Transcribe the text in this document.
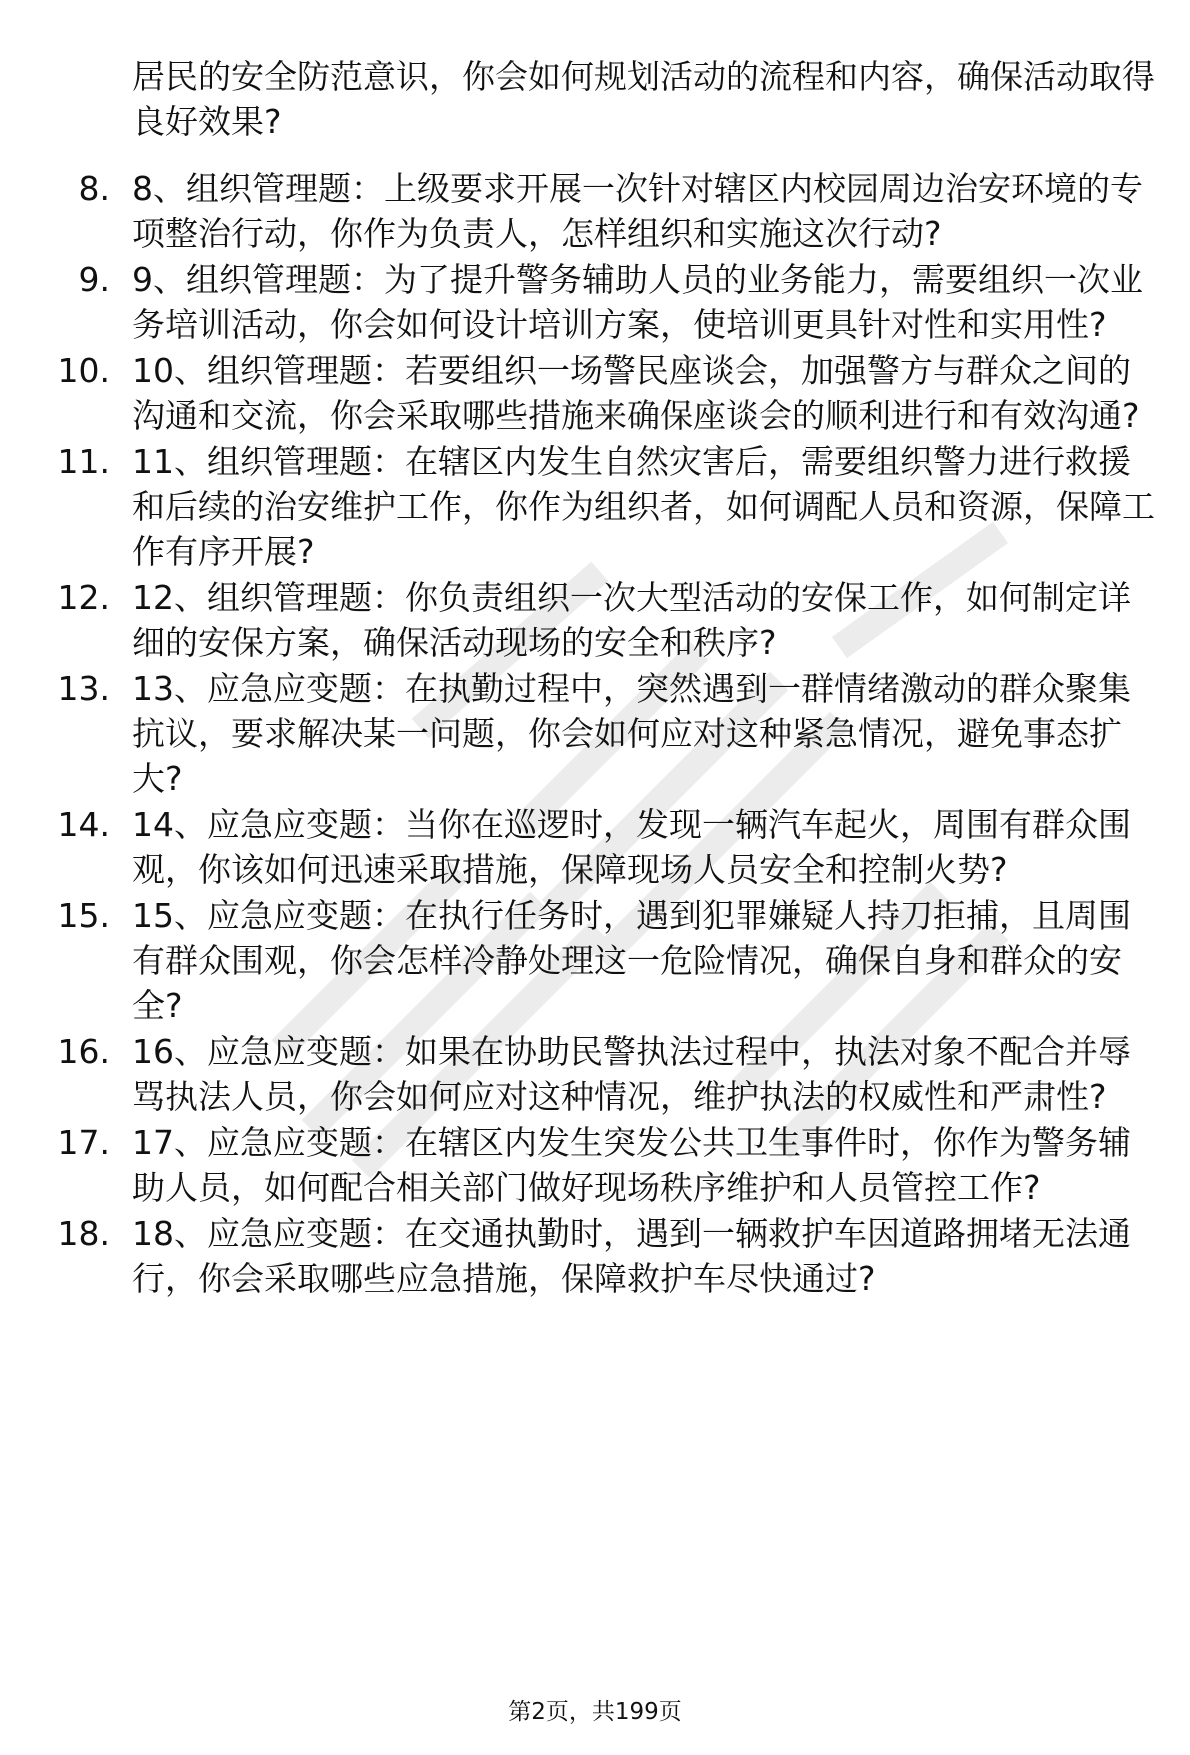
居民的安全防范意识，你会如何规划活动的流程和内容，确保活动取得良好效果?

8. 8、组织管理题：上级要求开展一次针对辖区内校园周边治安环境的专项整治行动，你作为负责人，怎样组织和实施这次行动?
9. 9、组织管理题：为了提升警务辅助人员的业务能力，需要组织一次业务培训活动，你会如何设计培训方案，使培训更具针对性和实用性?
10. 10、组织管理题：若要组织一场警民座谈会，加强警方与群众之间的沟通和交流，你会采取哪些措施来确保座谈会的顺利进行和有效沟通?
11. 11、组织管理题：在辖区内发生自然灾害后，需要组织警力进行救援和后续的治安维护工作，你作为组织者，如何调配人员和资源，保障工作有序开展?
12. 12、组织管理题：你负责组织一次大型活动的安保工作，如何制定详细的安保方案，确保活动现场的安全和秩序?
13. 13、应急应变题：在执勤过程中，突然遇到一群情绪激动的群众聚集抗议，要求解决某一问题，你会如何应对这种紧急情况，避免事态扩大?
14. 14、应急应变题：当你在巡逻时，发现一辆汽车起火，周围有群众围观，你该如何迅速采取措施，保障现场人员安全和控制火势?
15. 15、应急应变题：在执行任务时，遇到犯罪嫌疑人持刀拒捕，且周围有群众围观，你会怎样冷静处理这一危险情况，确保自身和群众的安全?
16. 16、应急应变题：如果在协助民警执法过程中，执法对象不配合并辱骂执法人员，你会如何应对这种情况，维护执法的权威性和严肃性?
17. 17、应急应变题：在辖区内发生突发公共卫生事件时，你作为警务辅助人员，如何配合相关部门做好现场秩序维护和人员管控工作?
18. 18、应急应变题：在交通执勤时，遇到一辆救护车因道路拥堵无法通行，你会采取哪些应急措施，保障救护车尽快通过?
第2页，共199页
